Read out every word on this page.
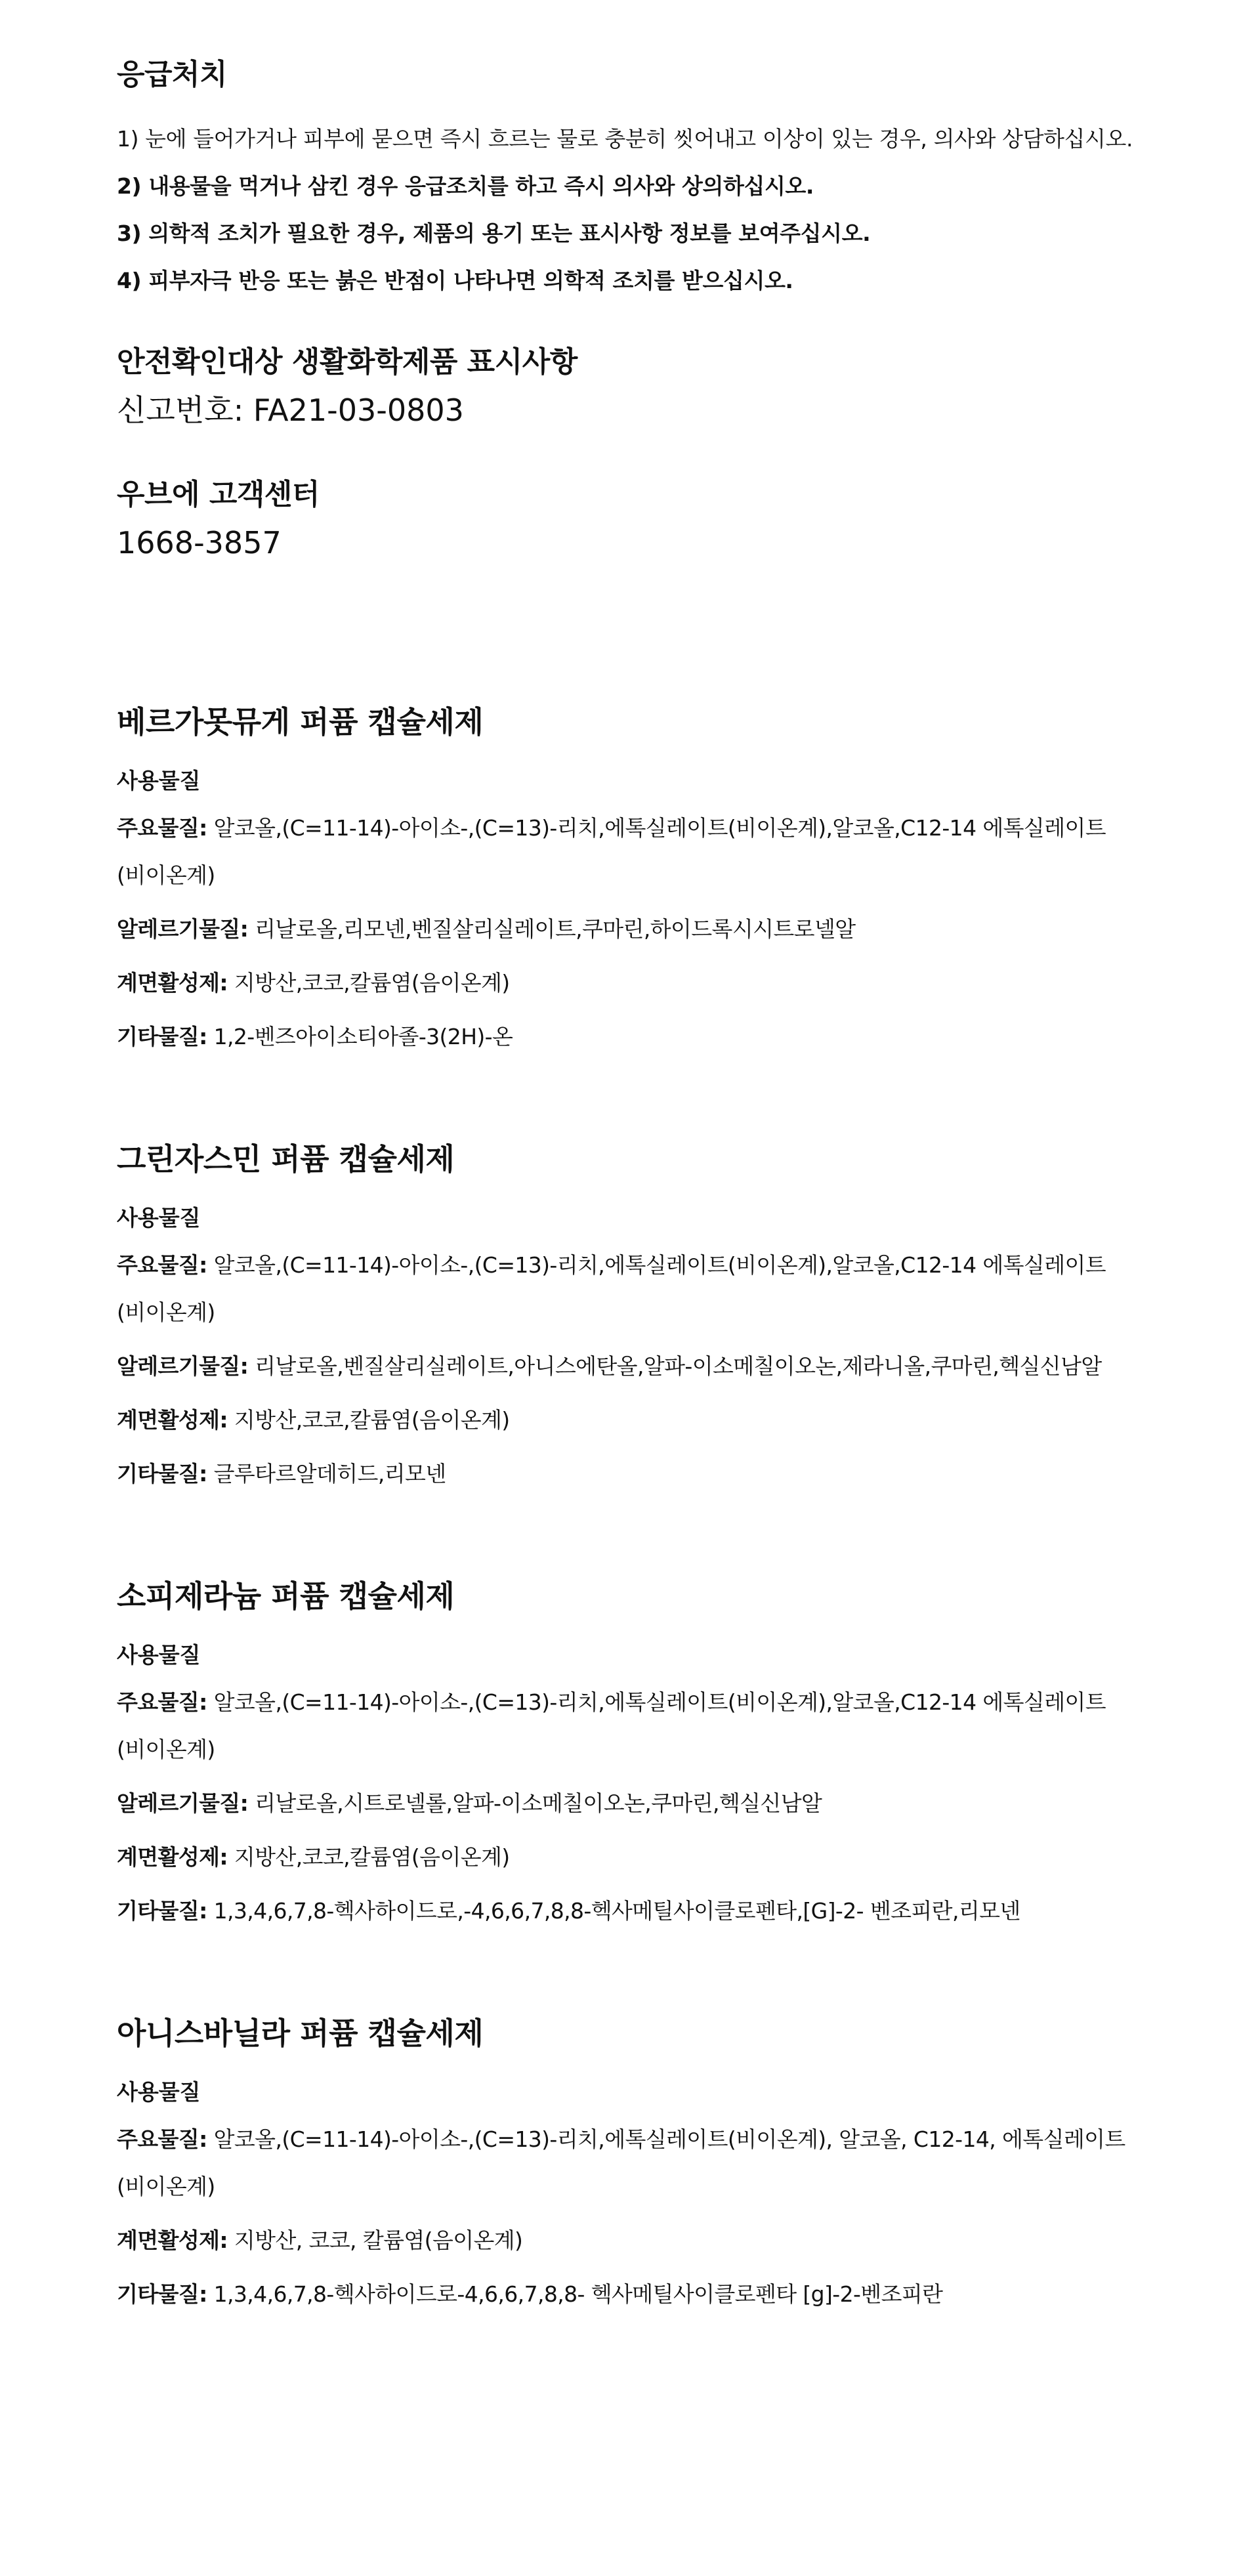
응급처치

1) 눈에 들어가거나 피부에 묻으면 즉시 흐르는 물로 충분히 씻어내고 이상이 있는 경우, 의사와 상담하십시오.

2) 내용물을 먹거나 삼킨 경우 응급조치를 하고 즉시 의사와 상의하십시오.

3) 의학적 조치가 필요한 경우, 제품의 용기 또는 표시사항 정보를 보여주십시오.

4) 피부자극 반응 또는 붉은 반점이 나타나면 의학적 조치를 받으십시오.

안전확인대상 생활화학제품 표시사항

신고번호: FA21-03-0803

우브에 고객센터

1668-3857

베르가못뮤게 퍼퓸 캡슐세제

사용물질

주요물질: 알코올,(C=11-14)-아이소-,(C=13)-리치,에톡실레이트(비이온계),알코올,C12-14 에톡실레이트(비이온계)

알레르기물질: 리날로올,리모넨,벤질살리실레이트,쿠마린,하이드록시시트로넬알

계면활성제: 지방산,코코,칼륨염(음이온계)

기타물질: 1,2-벤즈아이소티아졸-3(2H)-온

그린자스민 퍼퓸 캡슐세제

사용물질

주요물질: 알코올,(C=11-14)-아이소-,(C=13)-리치,에톡실레이트(비이온계),알코올,C12-14 에톡실레이트(비이온계)

알레르기물질: 리날로올,벤질살리실레이트,아니스에탄올,알파-이소메칠이오논,제라니올,쿠마린,헥실신남알

계면활성제: 지방산,코코,칼륨염(음이온계)

기타물질: 글루타르알데히드,리모넨

소피제라늄 퍼퓸 캡슐세제

사용물질

주요물질: 알코올,(C=11-14)-아이소-,(C=13)-리치,에톡실레이트(비이온계),알코올,C12-14 에톡실레이트(비이온계)

알레르기물질: 리날로올,시트로넬롤,알파-이소메칠이오논,쿠마린,헥실신남알

계면활성제: 지방산,코코,칼륨염(음이온계)

기타물질: 1,3,4,6,7,8-헥사하이드로,-4,6,6,7,8,8-헥사메틸사이클로펜타,[G]-2- 벤조피란,리모넨

아니스바닐라 퍼퓸 캡슐세제

사용물질

주요물질: 알코올,(C=11-14)-아이소-,(C=13)-리치,에톡실레이트(비이온계), 알코올, C12-14, 에톡실레이트(비이온계)

계면활성제: 지방산, 코코, 칼륨염(음이온계)

기타물질: 1,3,4,6,7,8-헥사하이드로-4,6,6,7,8,8- 헥사메틸사이클로펜타 [g]-2-벤조피란
